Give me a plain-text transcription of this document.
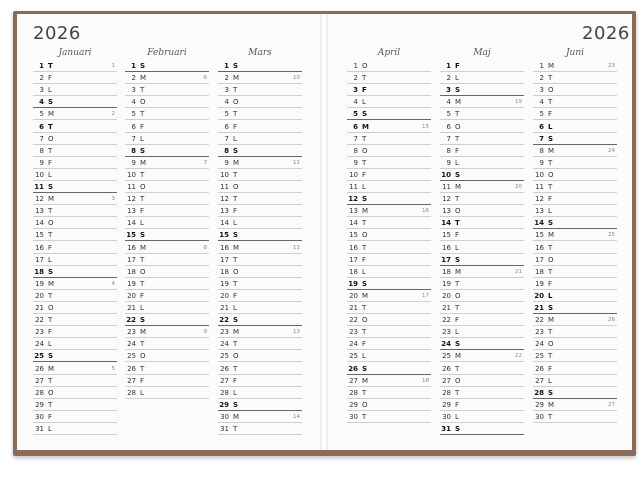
2026	2026
Januari
1 T	1
2 F
3 L
4 S
5 M	2
6 T
7 O
8 T
9 F
10 L
11 S
12 M	3
13 T
14 O
15 T
16 F
17 L
18 S
19 M	4
20 T
21 O
22 T
23 F
24 L
25 S
26 M	5
27 T
28 O
29 T
30 F
31 L
Februari
1 S
2 M	6
3 T
4 O
5 T
6 F
7 L
8 S
9 M	7
10 T
11 O
12 T
13 F
14 L
15 S
16 M	8
17 T
18 O
19 T
20 F
21 L
22 S
23 M	9
24 T
25 O
26 T
27 F
28 L
Mars
1 S
2 M	10
3 T
4 O
5 T
6 F
7 L
8 S
9 M	11
10 T
11 O
12 T
13 F
14 L
15 S
16 M	12
17 T
18 O
19 T
20 F
21 L
22 S
23 M	13
24 T
25 O
26 T
27 F
28 L
29 S
30 M	14
31 T
April
1 O
2 T
3 F
4 L
5 S
6 M	15
7 T
8 O
9 T
10 F
11 L
12 S
13 M	16
14 T
15 O
16 T
17 F
18 L
19 S
20 M	17
21 T
22 O
23 T
24 F
25 L
26 S
27 M	18
28 T
29 O
30 T
Maj
1 F
2 L
3 S
4 M	19
5 T
6 O
7 T
8 F
9 L
10 S
11 M	20
12 T
13 O
14 T
15 F
16 L
17 S
18 M	21
19 T
20 O
21 T
22 F
23 L
24 S
25 M	22
26 T
27 O
28 T
29 F
30 L
31 S
Juni
1 M	23
2 T
3 O
4 T
5 F
6 L
7 S
8 M	24
9 T
10 O
11 T
12 F
13 L
14 S
15 M	25
16 T
17 O
18 T
19 F
20 L
21 S
22 M	26
23 T
24 O
25 T
26 F
27 L
28 S
29 M	27
30 T
